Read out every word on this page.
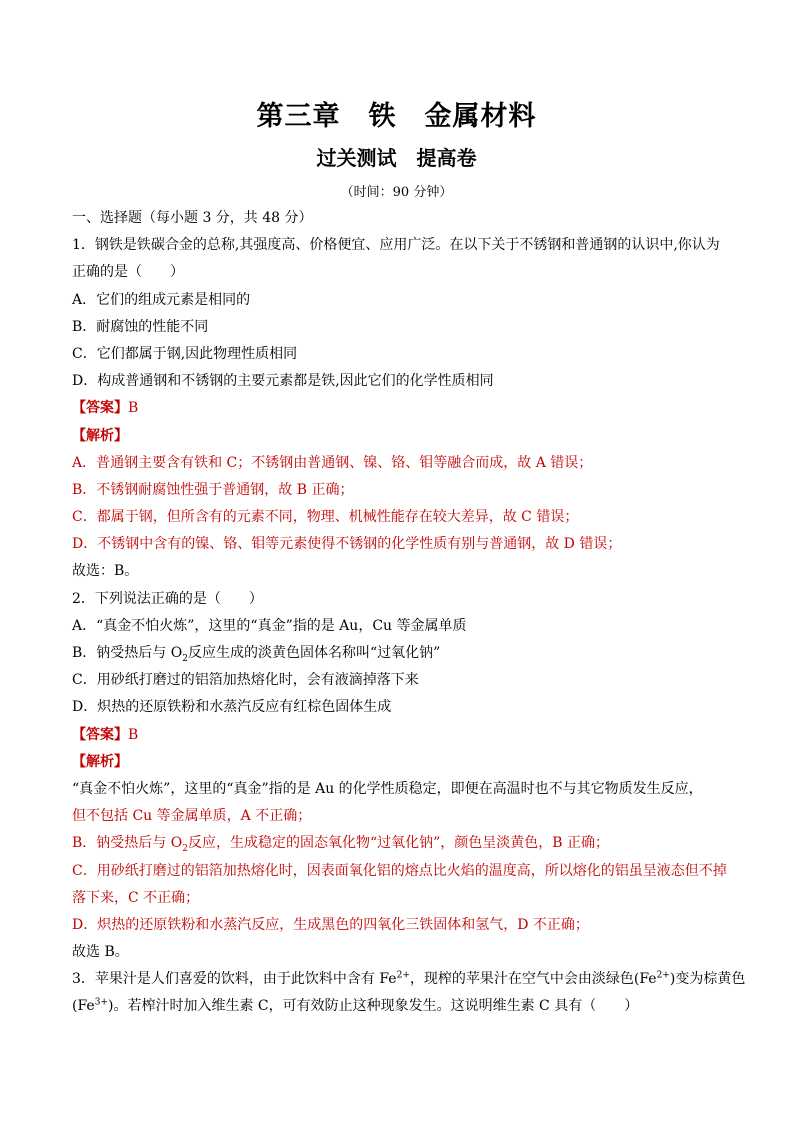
第三章　铁　金属材料
过关测试　提高卷
（时间：90 分钟）
一、选择题（每小题 3 分，共 48 分）
1．钢铁是铁碳合金的总称,其强度高、价格便宜、应用广泛。在以下关于不锈钢和普通钢的认识中,你认为
正确的是（　　）
A．它们的组成元素是相同的
B．耐腐蚀的性能不同
C．它们都属于钢,因此物理性质相同
D．构成普通钢和不锈钢的主要元素都是铁,因此它们的化学性质相同
【答案】B
【解析】
A．普通钢主要含有铁和 C；不锈钢由普通钢、镍、铬、钼等融合而成，故 A 错误；
B．不锈钢耐腐蚀性强于普通钢，故 B 正确；
C．都属于钢，但所含有的元素不同，物理、机械性能存在较大差异，故 C 错误；
D．不锈钢中含有的镍、铬、钼等元素使得不锈钢的化学性质有别与普通钢，故 D 错误；
故选：B。
2．下列说法正确的是（　　）
A．“真金不怕火炼”，这里的“真金”指的是 Au，Cu 等金属单质
B．钠受热后与 $O_2$反应生成的淡黄色固体名称叫“过氧化钠”
C．用砂纸打磨过的铝箔加热熔化时，会有液滴掉落下来
D．炽热的还原铁粉和水蒸汽反应有红棕色固体生成
【答案】B
【解析】
“真金不怕火炼”，这里的“真金”指的是 Au 的化学性质稳定，即便在高温时也不与其它物质发生反应，
但不包括 Cu 等金属单质，A 不正确；
B．钠受热后与 $O_2$反应，生成稳定的固态氧化物“过氧化钠”，颜色呈淡黄色，B 正确；
C．用砂纸打磨过的铝箔加热熔化时，因表面氧化铝的熔点比火焰的温度高，所以熔化的铝虽呈液态但不掉
落下来，C 不正确；
D．炽热的还原铁粉和水蒸汽反应，生成黑色的四氧化三铁固体和氢气，D 不正确；
故选 B。
3．苹果汁是人们喜爱的饮料，由于此饮料中含有 $Fe^{2+}$，现榨的苹果汁在空气中会由淡绿色$(Fe^{2+})$变为棕黄色
$(Fe^{3+})$。若榨汁时加入维生素 C，可有效防止这种现象发生。这说明维生素 C 具有（　　）
